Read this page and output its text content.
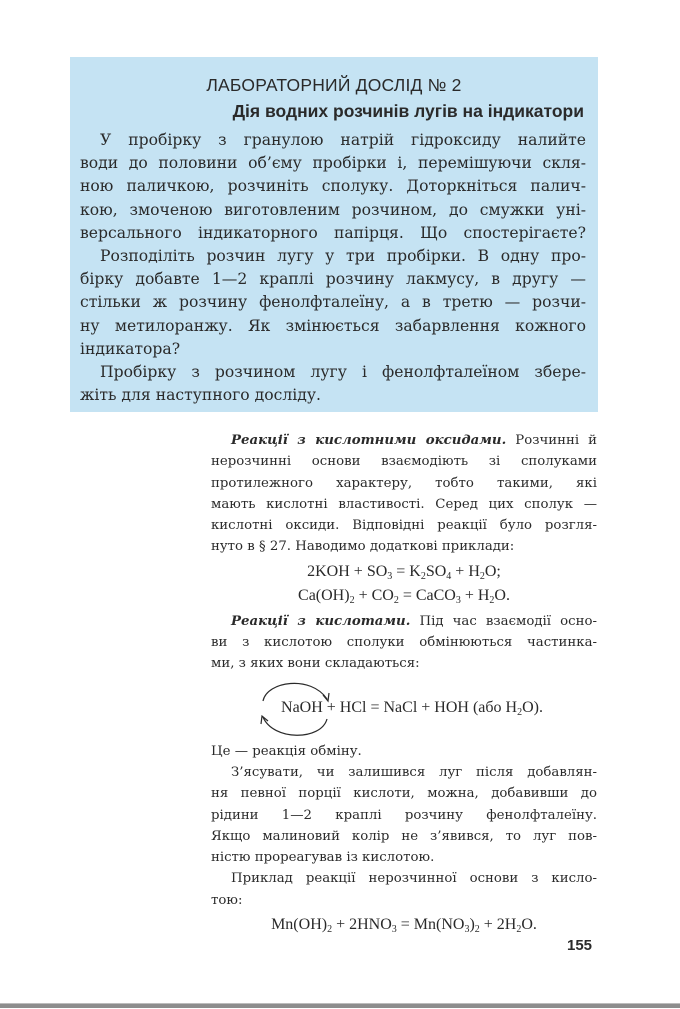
ЛАБОРАТОРНИЙ ДОСЛІД № 2
Дія водних розчинів лугів на індикатори
У пробірку з гранулою натрій гідроксиду налийте
води до половини об’єму пробірки і, перемішуючи скля-
ною паличкою, розчиніть сполуку. Доторкніться палич-
кою, змоченою виготовленим розчином, до смужки уні-
версального індикаторного папірця. Що спостерігаєте?
Розподіліть розчин лугу у три пробірки. В одну про-
бірку добавте 1—2 краплі розчину лакмусу, в другу —
стільки ж розчину фенолфталеїну, а в третю — розчи-
ну метилоранжу. Як змінюється забарвлення кожного
індикатора?
Пробірку з розчином лугу і фенолфталеїном збере-
жіть для наступного досліду.
Реакції з кислотними оксидами. Розчинні й
нерозчинні основи взаємодіють зі сполуками
протилежного характеру, тобто такими, які
мають кислотні властивості. Серед цих сполук —
кислотні оксиди. Відповідні реакції було розгля-
нуто в § 27. Наводимо додаткові приклади:
$2KOH + SO_3 = K_2SO_4 + H_2O$;
$Ca(OH)_2 + CO_2$ = CaCO$_3$ + $H_2O$.
Реакції з кислотами. Під час взаємодії осно-
ви з кислотою сполуки обмінюються частинка-
ми, з яких вони складаються:
NaOH + HCl = NaCl + HOH (або $H_2O$).
Це — реакція обміну.
З’ясувати, чи залишився луг після добавлян-
ня певної порції кислоти, можна, добавивши до
рідини 1—2 краплі розчину фенолфталеїну.
Якщо малиновий колір не з’явився, то луг пов-
ністю прореагував із кислотою.
Приклад реакції нерозчинної основи з кисло-
тою:
$Mn(OH)_2 + 2HNO_3 = Mn(NO_3)_2 + 2H_2O$.
155
